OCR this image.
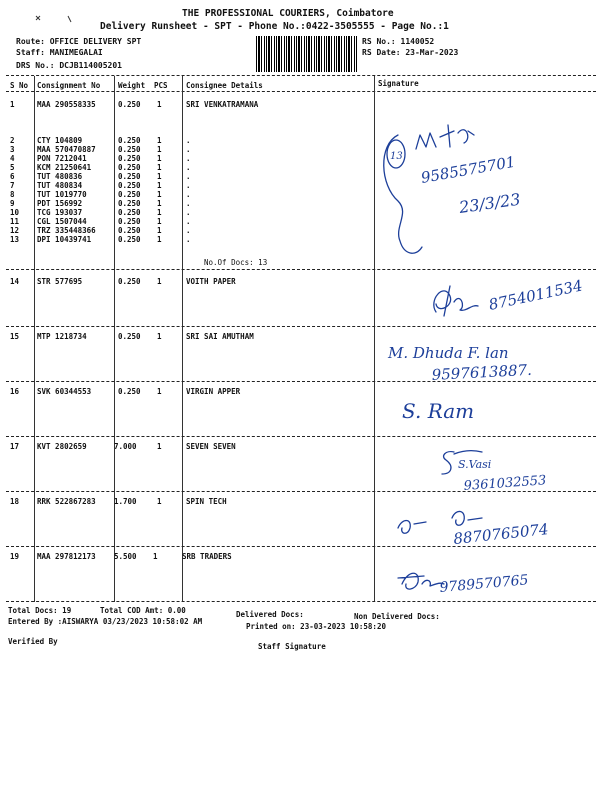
THE PROFESSIONAL COURIERS, Coimbatore
Delivery Runsheet - SPT - Phone No.:0422-3505555 - Page No.:1
Route: OFFICE DELIVERY SPT
Staff: MANIMEGALAI
DRS No.: DCJB114005201
RS No.: 1140052
RS Date: 23-Mar-2023
S No Consignment No Weight PCS Consignee Details	Signature
1	MAA 290558335	0.250 1	SRI VENKATRAMANA
2	CTY 104809	0.250 1	.
3	MAA 570470887	0.250 1	.
4	PON 7212041	0.250 1	.
5	KCM 21250641	0.250 1	.
6	TUT 480836	0.250 1	.
7	TUT 480834	0.250 1	.
8	TUT 1019770	0.250 1	.
9	PDT 156992	0.250 1	.
10 TCG 193037	0.250 1	.
11 CGL 1507044	0.250 1	.
12 TRZ 335448366	0.250 1	.
13 DPI 10439741	0.250 1	.
No.Of Docs: 13
13 9585575701
23/3/23
14 STR 577695	0.250 1	VOITH PAPER	8754011534
15 MTP 1218734	0.250 1	SRI SAI AMUTHAM
M. Dhuda F. lan
9597613887.
16 SVK 60344553	0.250 1	VIRGIN APPER
S. Ram
17 KVT 2802659	7.000	1	SEVEN SEVEN
S.Vasi
9361032553
18 RRK 522867283 1.700	1	SPIN TECH
8870765074
19 MAA 297812173 5.500 1	SRB TRADERS
9789570765
Total Docs: 19	Total COD Amt: 0.00	Delivered Docs:	Non Delivered Docs:
Entered By :AISWARYA 03/23/2023 10:58:02 AM
Printed on: 23-03-2023 10:58:20
Verified By
Staff Signature
